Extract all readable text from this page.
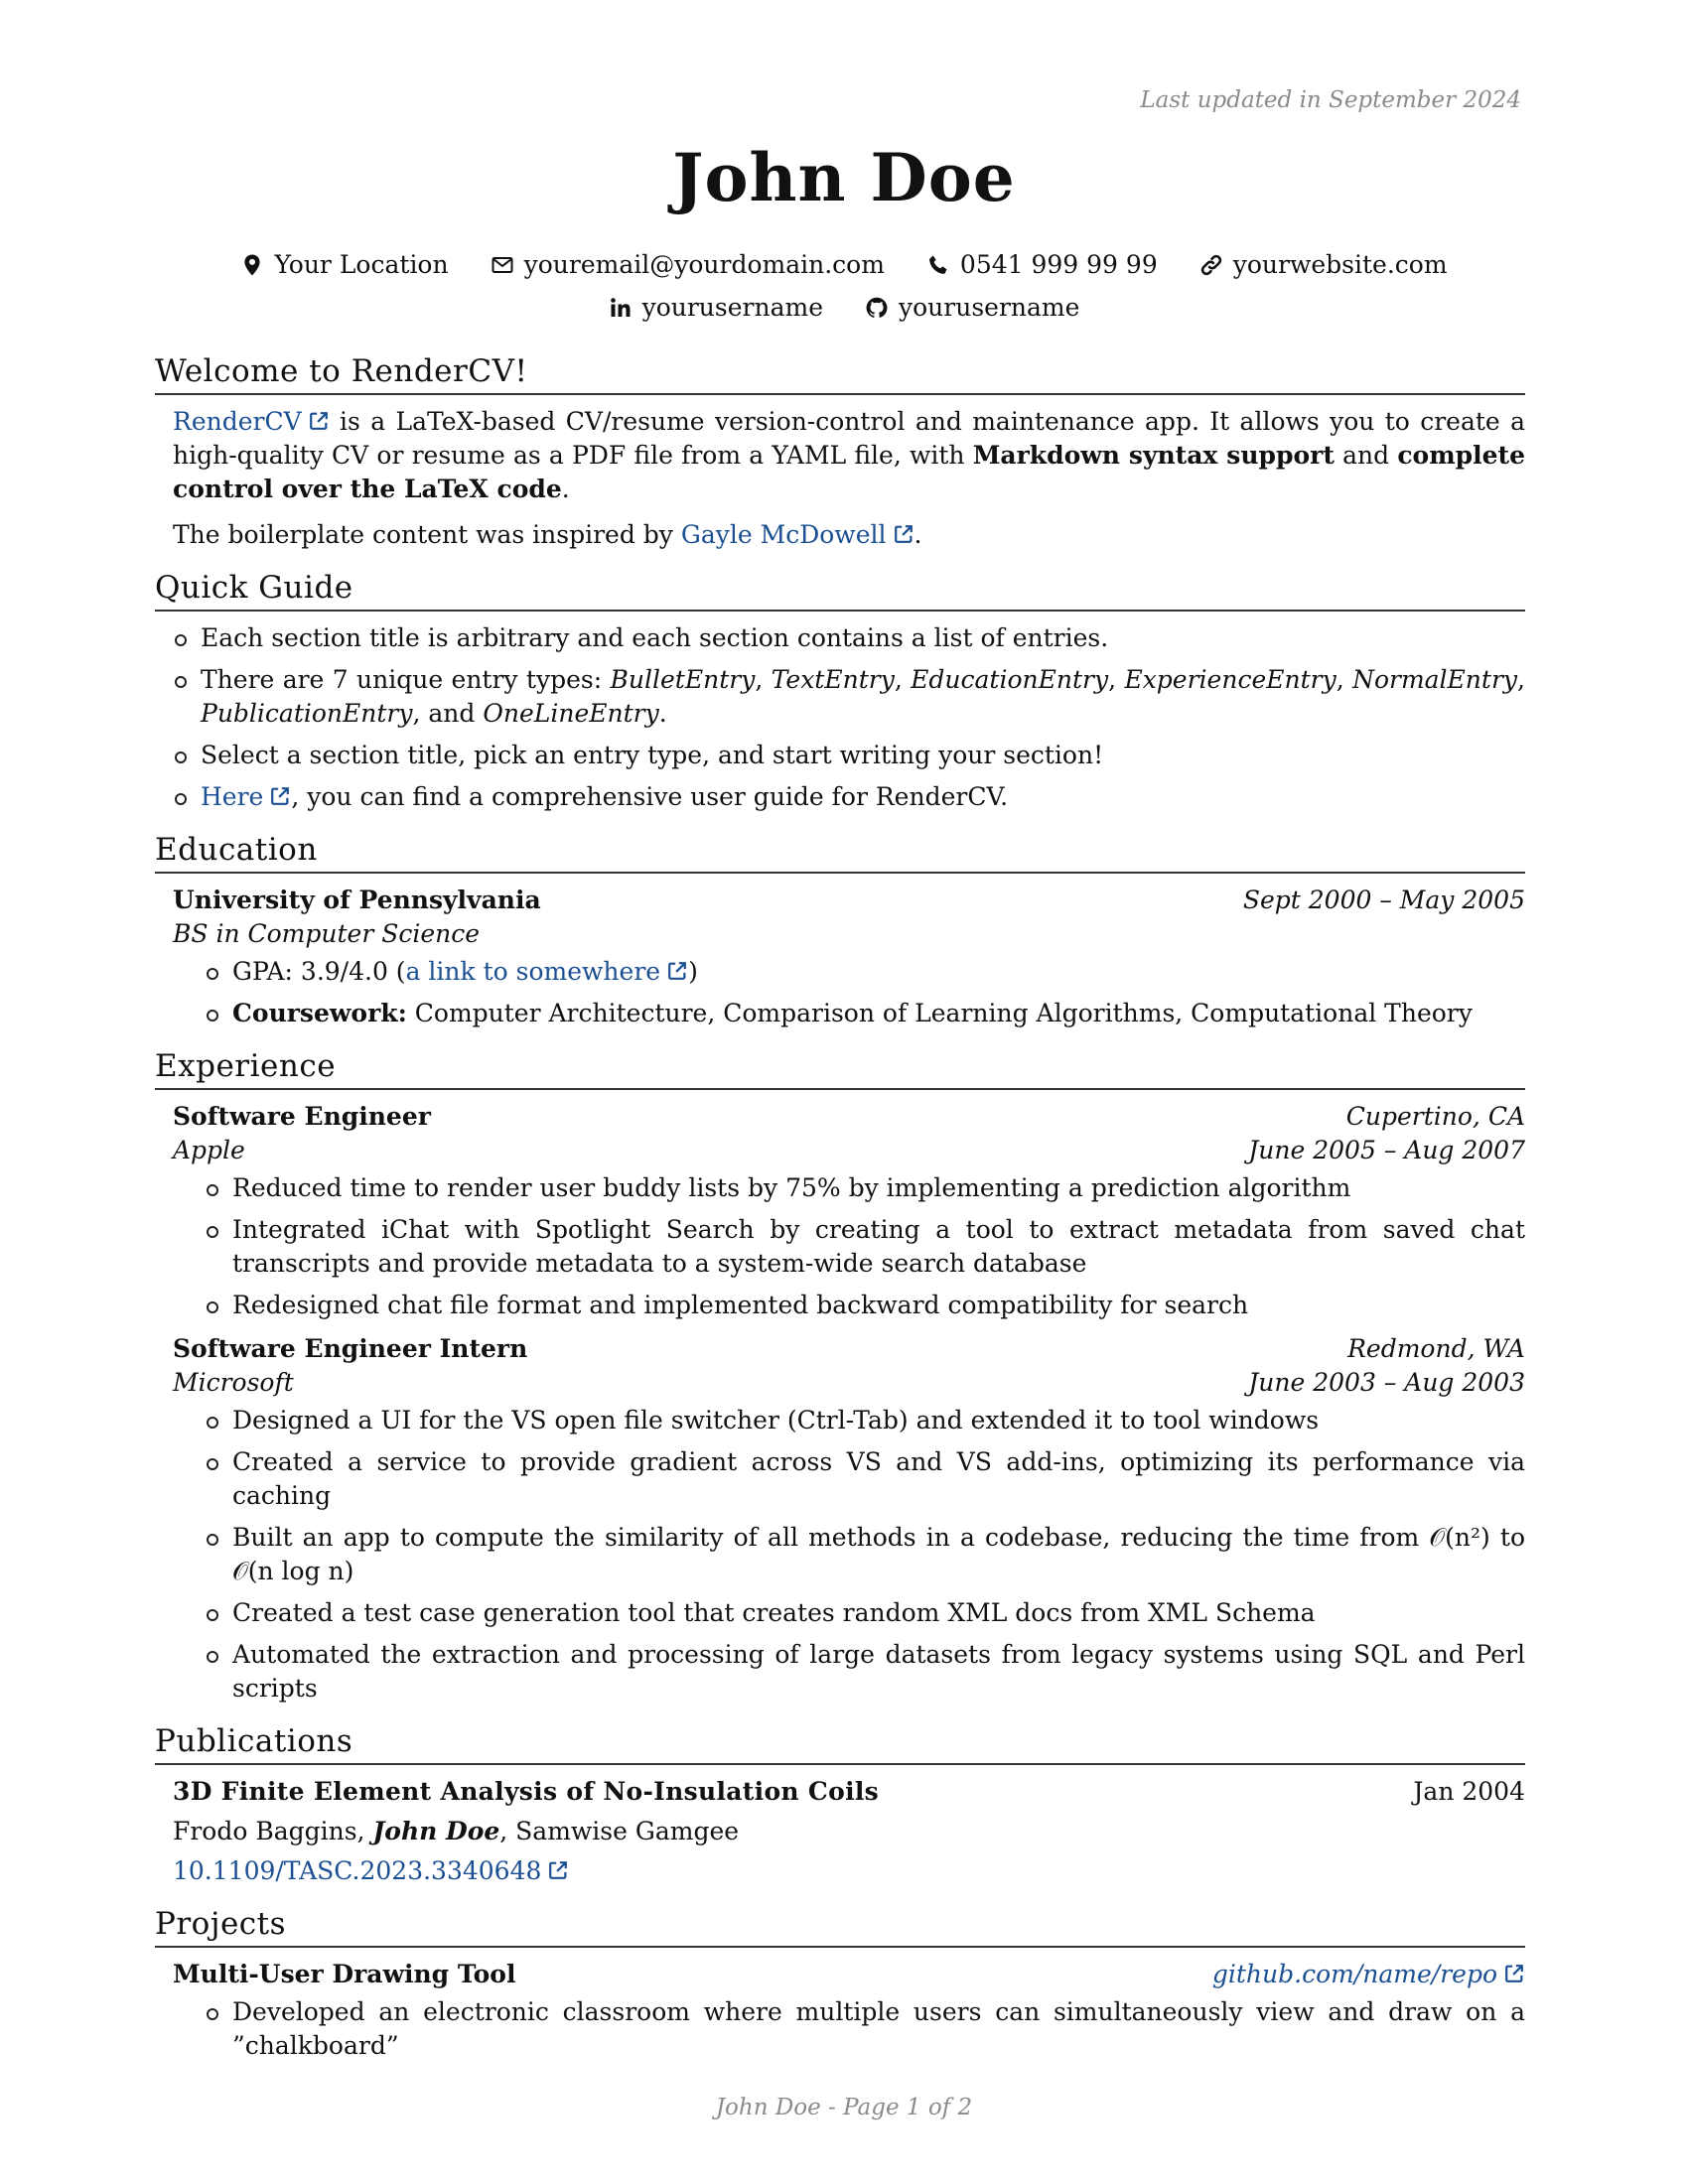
Last updated in September 2024
John Doe
Your Location	youremail@yourdomain.com	0541 999 99 99	yourwebsite.com
yourusername	yourusername
Welcome to RenderCV!

RenderCV
is a LaTeX-based CV/resume version-control and maintenance app. It allows you to create a high-quality CV or resume as a PDF file from a YAML file, with Markdown syntax support and complete control over the LaTeX code.

The boilerplate content was inspired by Gayle McDowell .

Quick Guide
Each section title is arbitrary and each section contains a list of entries.
There are 7 unique entry types: BulletEntry, TextEntry, EducationEntry, ExperienceEntry, NormalEntry, PublicationEntry, and OneLineEntry.
Select a section title, pick an entry type, and start writing your section!
Here , you can find a comprehensive user guide for RenderCV.
Education
University of Pennsylvania	Sept 2000 – May 2005
BS in Computer Science
GPA: 3.9/4.0 (a link to somewhere )
Coursework: Computer Architecture, Comparison of Learning Algorithms, Computational Theory
Experience
Software Engineer	Cupertino, CA
Apple	June 2005 – Aug 2007
Reduced time to render user buddy lists by 75% by implementing a prediction algorithm
Integrated iChat with Spotlight Search by creating a tool to extract metadata from saved chat transcripts and provide metadata to a system-wide search database
Redesigned chat file format and implemented backward compatibility for search
Software Engineer Intern	Redmond, WA
Microsoft	June 2003 – Aug 2003
Designed a UI for the VS open file switcher (Ctrl-Tab) and extended it to tool windows
Created a service to provide gradient across VS and VS add-ins, optimizing its performance via caching
Built an app to compute the similarity of all methods in a codebase, reducing the time from 𝒪(n²) to 𝒪(n log n)
Created a test case generation tool that creates random XML docs from XML Schema
Automated the extraction and processing of large datasets from legacy systems using SQL and Perl scripts
Publications
3D Finite Element Analysis of No-Insulation Coils	Jan 2004
Frodo Baggins, John Doe, Samwise Gamgee
10.1109/TASC.2023.3340648
Projects
Multi-User Drawing Tool	github.com/name/repo
Developed an electronic classroom where multiple users can simultaneously view and draw on a ”chalkboard”
John Doe - Page 1 of 2
